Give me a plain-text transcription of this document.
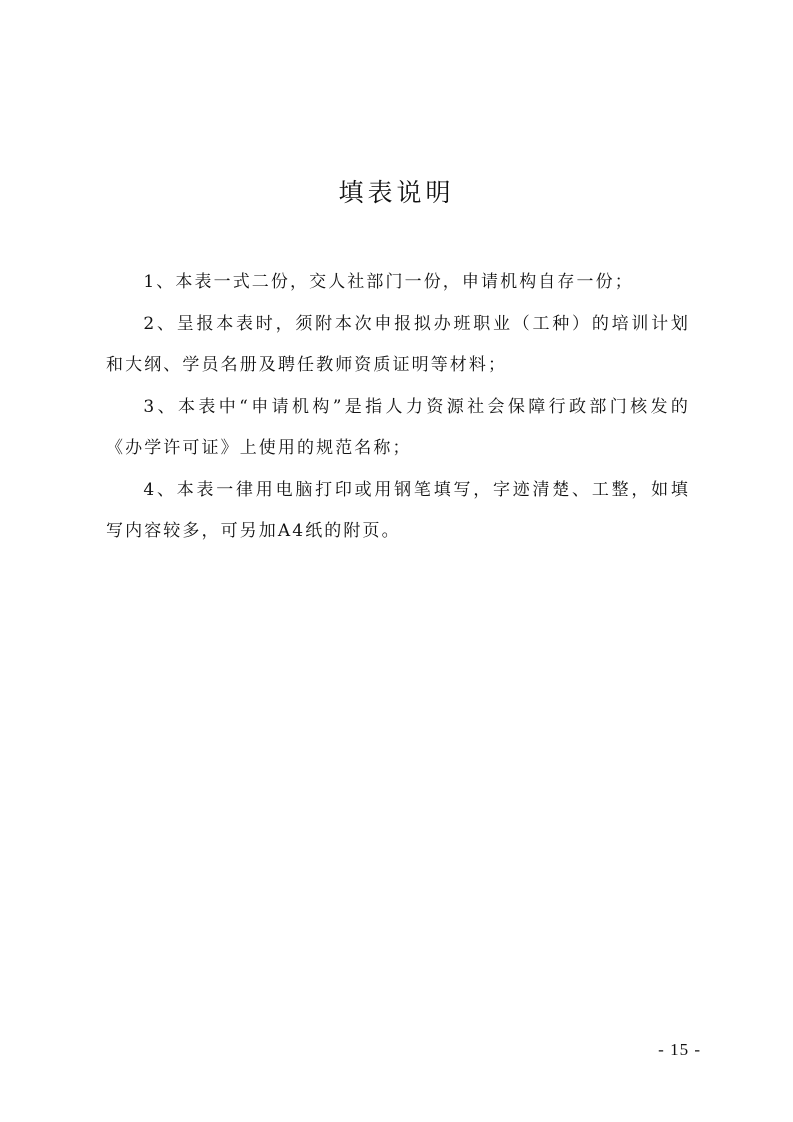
填表说明

1、本表一式二份，交人社部门一份，申请机构自存一份；

2、呈报本表时，须附本次申报拟办班职业（工种）的培训计划和大纲、学员名册及聘任教师资质证明等材料；

3、本表中“申请机构”是指人力资源社会保障行政部门核发的《办学许可证》上使用的规范名称；

4、本表一律用电脑打印或用钢笔填写，字迹清楚、工整，如填写内容较多，可另加A4纸的附页。

- 15 -
